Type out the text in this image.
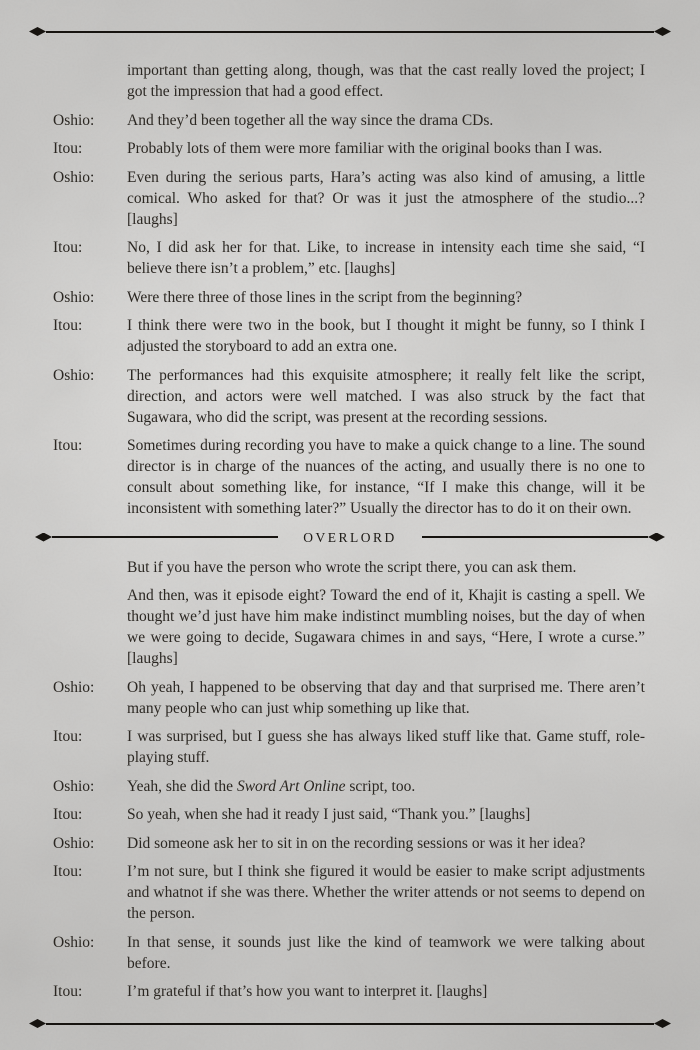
important than getting along, though, was that the cast really loved the project; I got the impression that had a good effect.
Oshio:	And they’d been together all the way since the drama CDs.
Itou:	Probably lots of them were more familiar with the original books than I was.
Oshio:	Even during the serious parts, Hara’s acting was also kind of amusing, a little comical. Who asked for that? Or was it just the atmosphere of the studio...? [laughs]
Itou:	No, I did ask her for that. Like, to increase in intensity each time she said, “I believe there isn’t a problem,” etc. [laughs]
Oshio:	Were there three of those lines in the script from the beginning?
Itou:	I think there were two in the book, but I thought it might be funny, so I think I adjusted the storyboard to add an extra one.
Oshio:	The performances had this exquisite atmosphere; it really felt like the script, direction, and actors were well matched. I was also struck by the fact that Sugawara, who did the script, was present at the recording sessions.
Itou:	Sometimes during recording you have to make a quick change to a line. The sound director is in charge of the nuances of the acting, and usually there is no one to consult about something like, for instance, “If I make this change, will it be inconsistent with something later?” Usually the director has to do it on their own.
OVERLORD
But if you have the person who wrote the script there, you can ask them.
And then, was it episode eight? Toward the end of it, Khajit is casting a spell. We thought we’d just have him make indistinct mumbling noises, but the day of when we were going to decide, Sugawara chimes in and says, “Here, I wrote a curse.” [laughs]
Oshio:	Oh yeah, I happened to be observing that day and that surprised me. There aren’t many people who can just whip something up like that.
Itou:	I was surprised, but I guess she has always liked stuff like that. Game stuff, role-playing stuff.
Oshio:	Yeah, she did the Sword Art Online script, too.
Itou:	So yeah, when she had it ready I just said, “Thank you.” [laughs]
Oshio:	Did someone ask her to sit in on the recording sessions or was it her idea?
Itou:	I’m not sure, but I think she figured it would be easier to make script adjustments and whatnot if she was there. Whether the writer attends or not seems to depend on the person.
Oshio:	In that sense, it sounds just like the kind of teamwork we were talking about before.
Itou:	I’m grateful if that’s how you want to interpret it. [laughs]
